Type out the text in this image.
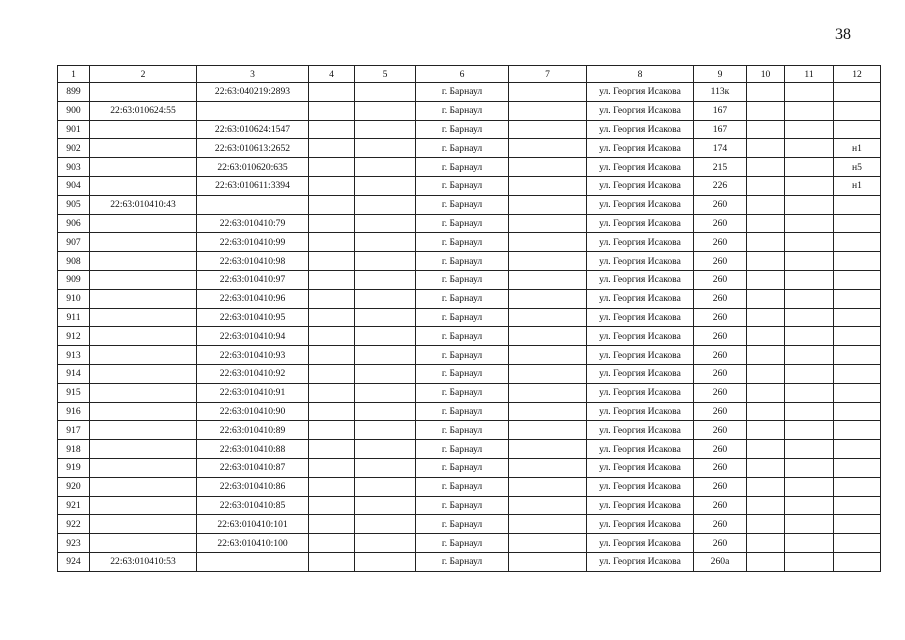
38
1	2	3	4	5	6	7	8	9	10	11	12
899		22:63:040219:2893			г. Барнаул		ул. Георгия Исакова	113к			
900	22:63:010624:55				г. Барнаул		ул. Георгия Исакова	167			
901		22:63:010624:1547			г. Барнаул		ул. Георгия Исакова	167			
902		22:63:010613:2652			г. Барнаул		ул. Георгия Исакова	174			н1
903		22:63:010620:635			г. Барнаул		ул. Георгия Исакова	215			н5
904		22:63:010611:3394			г. Барнаул		ул. Георгия Исакова	226			н1
905	22:63:010410:43				г. Барнаул		ул. Георгия Исакова	260			
906		22:63:010410:79			г. Барнаул		ул. Георгия Исакова	260			
907		22:63:010410:99			г. Барнаул		ул. Георгия Исакова	260			
908		22:63:010410:98			г. Барнаул		ул. Георгия Исакова	260			
909		22:63:010410:97			г. Барнаул		ул. Георгия Исакова	260			
910		22:63:010410:96			г. Барнаул		ул. Георгия Исакова	260			
911		22:63:010410:95			г. Барнаул		ул. Георгия Исакова	260			
912		22:63:010410:94			г. Барнаул		ул. Георгия Исакова	260			
913		22:63:010410:93			г. Барнаул		ул. Георгия Исакова	260			
914		22:63:010410:92			г. Барнаул		ул. Георгия Исакова	260			
915		22:63:010410:91			г. Барнаул		ул. Георгия Исакова	260			
916		22:63:010410:90			г. Барнаул		ул. Георгия Исакова	260			
917		22:63:010410:89			г. Барнаул		ул. Георгия Исакова	260			
918		22:63:010410:88			г. Барнаул		ул. Георгия Исакова	260			
919		22:63:010410:87			г. Барнаул		ул. Георгия Исакова	260			
920		22:63:010410:86			г. Барнаул		ул. Георгия Исакова	260			
921		22:63:010410:85			г. Барнаул		ул. Георгия Исакова	260			
922		22:63:010410:101			г. Барнаул		ул. Георгия Исакова	260			
923		22:63:010410:100			г. Барнаул		ул. Георгия Исакова	260			
924	22:63:010410:53				г. Барнаул		ул. Георгия Исакова	260а			
